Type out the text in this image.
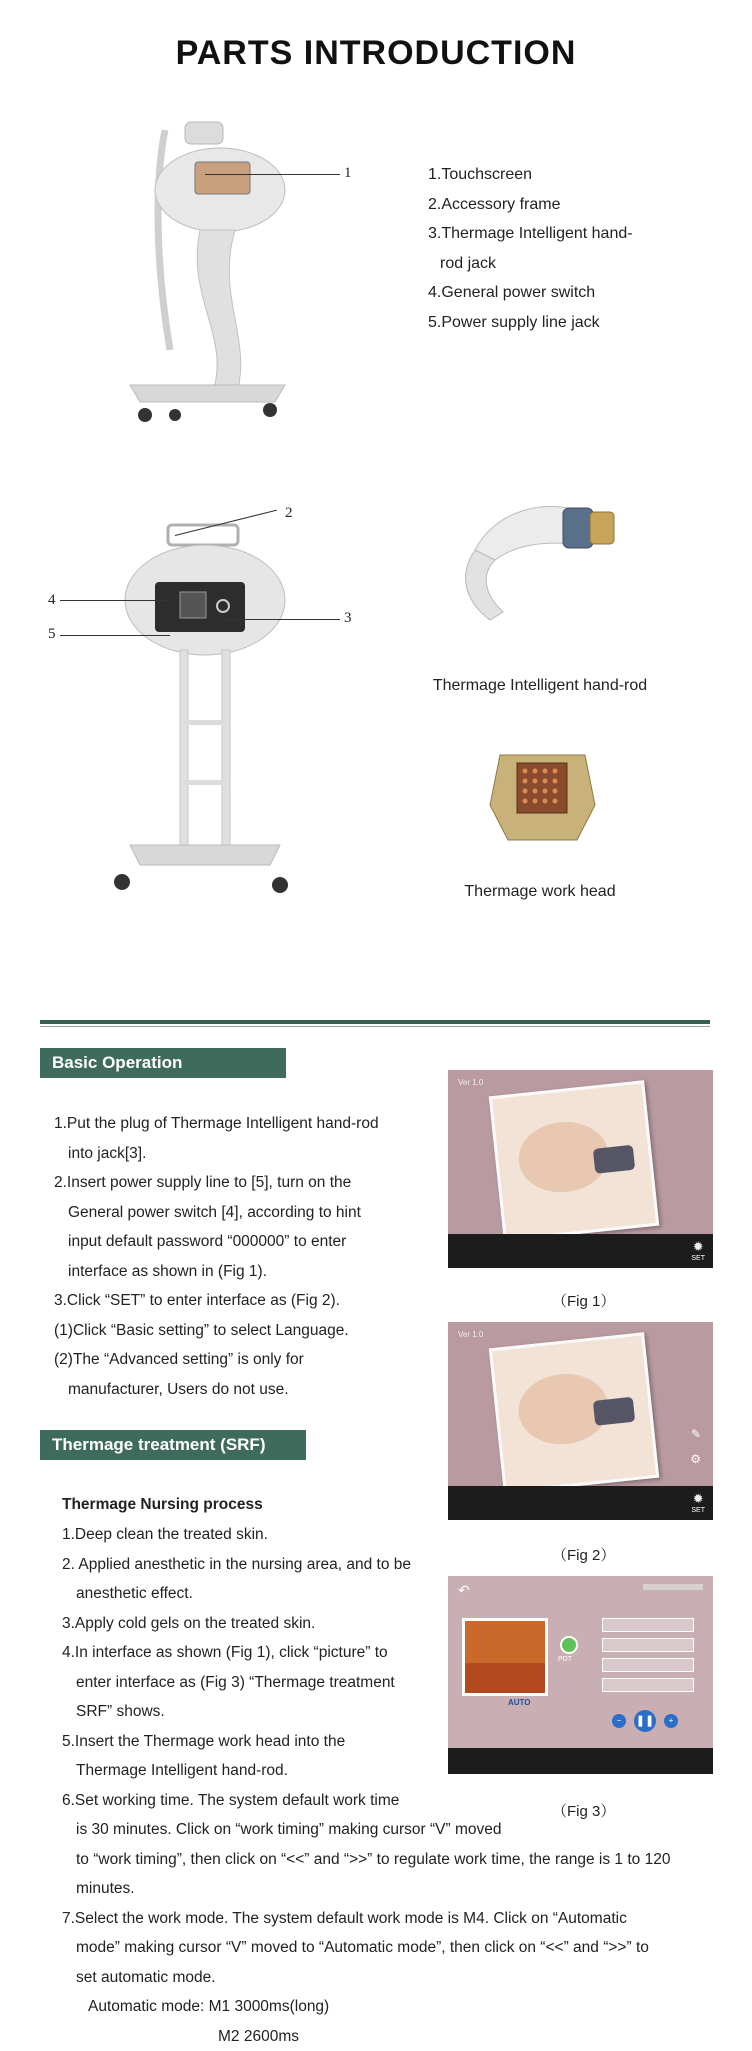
PARTS INTRODUCTION
1	1.Touchscreen
2.Accessory frame
3.Thermage Intelligent hand-
rod jack
4.General power switch
5.Power supply line jack
2
3
4
5
Thermage Intelligent hand-rod
Thermage work head
Basic Operation
1.Put the plug of Thermage Intelligent hand-rod
into jack[3].
2.Insert power supply line to [5], turn on the
General power switch [4], according to hint
input default password “000000” to enter
interface as shown in (Fig 1).
3.Click “SET” to enter interface as (Fig 2).
(1)Click “Basic setting” to select Language.
(2)The “Advanced setting” is only for
manufacturer, Users do not use.
Ver 1.0
✹
SET
（Fig 1）
Ver 1.0
✎
⚙
✹
SET
（Fig 2）
Thermage treatment (SRF)
Thermage Nursing process
1.Deep clean the treated skin.
2. Applied anesthetic in the nursing area, and to be
anesthetic effect.
3.Apply cold gels on the treated skin.
4.In interface as shown (Fig 1), click “picture” to
enter interface as (Fig 3) “Thermage treatment
SRF” shows.
5.Insert the Thermage work head into the
Thermage Intelligent hand-rod.
6.Set working time. The system default work time
is 30 minutes. Click on “work timing” making cursor “V” moved
to “work timing”, then click on “<<” and “>>” to regulate work time, the range is 1 to 120
minutes.
7.Select the work mode. The system default work mode is M4. Click on “Automatic
mode” making cursor “V” moved to “Automatic mode”, then click on “<<” and “>>” to
set automatic mode.
Automatic mode: M1 3000ms(long)
M2 2600ms
↶
AUTO
PDT
−	❚❚	+
（Fig 3）
